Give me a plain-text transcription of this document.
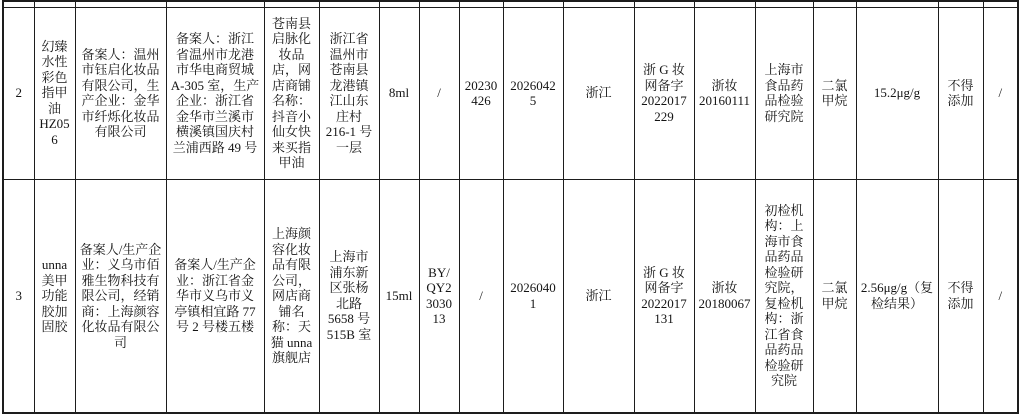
2	幻臻水性彩色指甲油HZ056	备案人：温州市钰启化妆品有限公司，生产企业：金华市纤烁化妆品有限公司	备案人：浙江省温州市龙港市华电商贸城 A-305 室，生产企业：浙江省金华市兰溪市横溪镇国庆村兰浦西路 49 号	苍南县启脉化妆品店，网店商铺名称：抖音小仙女快来买指甲油	浙江省温州市苍南县龙港镇江山东庄村 216-1 号一层	8ml	/	20230426	20260425	浙江	浙 G 妆网备字2022017229	浙妆 20160111	上海市食品药品检验研究院	二氯甲烷	15.2μg/g	不得添加	/
3	unna美甲功能胶加固胶	备案人/生产企业：义乌市佰雅生物科技有限公司，经销商：上海颜容化妆品有限公司	备案人/生产企业：浙江省金华市义乌市义亭镇相宜路 77 号 2 号楼五楼	上海颜容化妆品有限公司，网店商铺名称：天猫 unna 旗舰店	上海市浦东新区张杨北路 5658 号 515B 室	15ml	BY/QY2303013	/	20260401	浙江	浙 G 妆网备字2022017131	浙妆 20180067	初检机构：上海市食品药品检验研究院，复检机构：浙江省食品药品检验研究院	二氯甲烷	2.56μg/g（复检结果）	不得添加	/
